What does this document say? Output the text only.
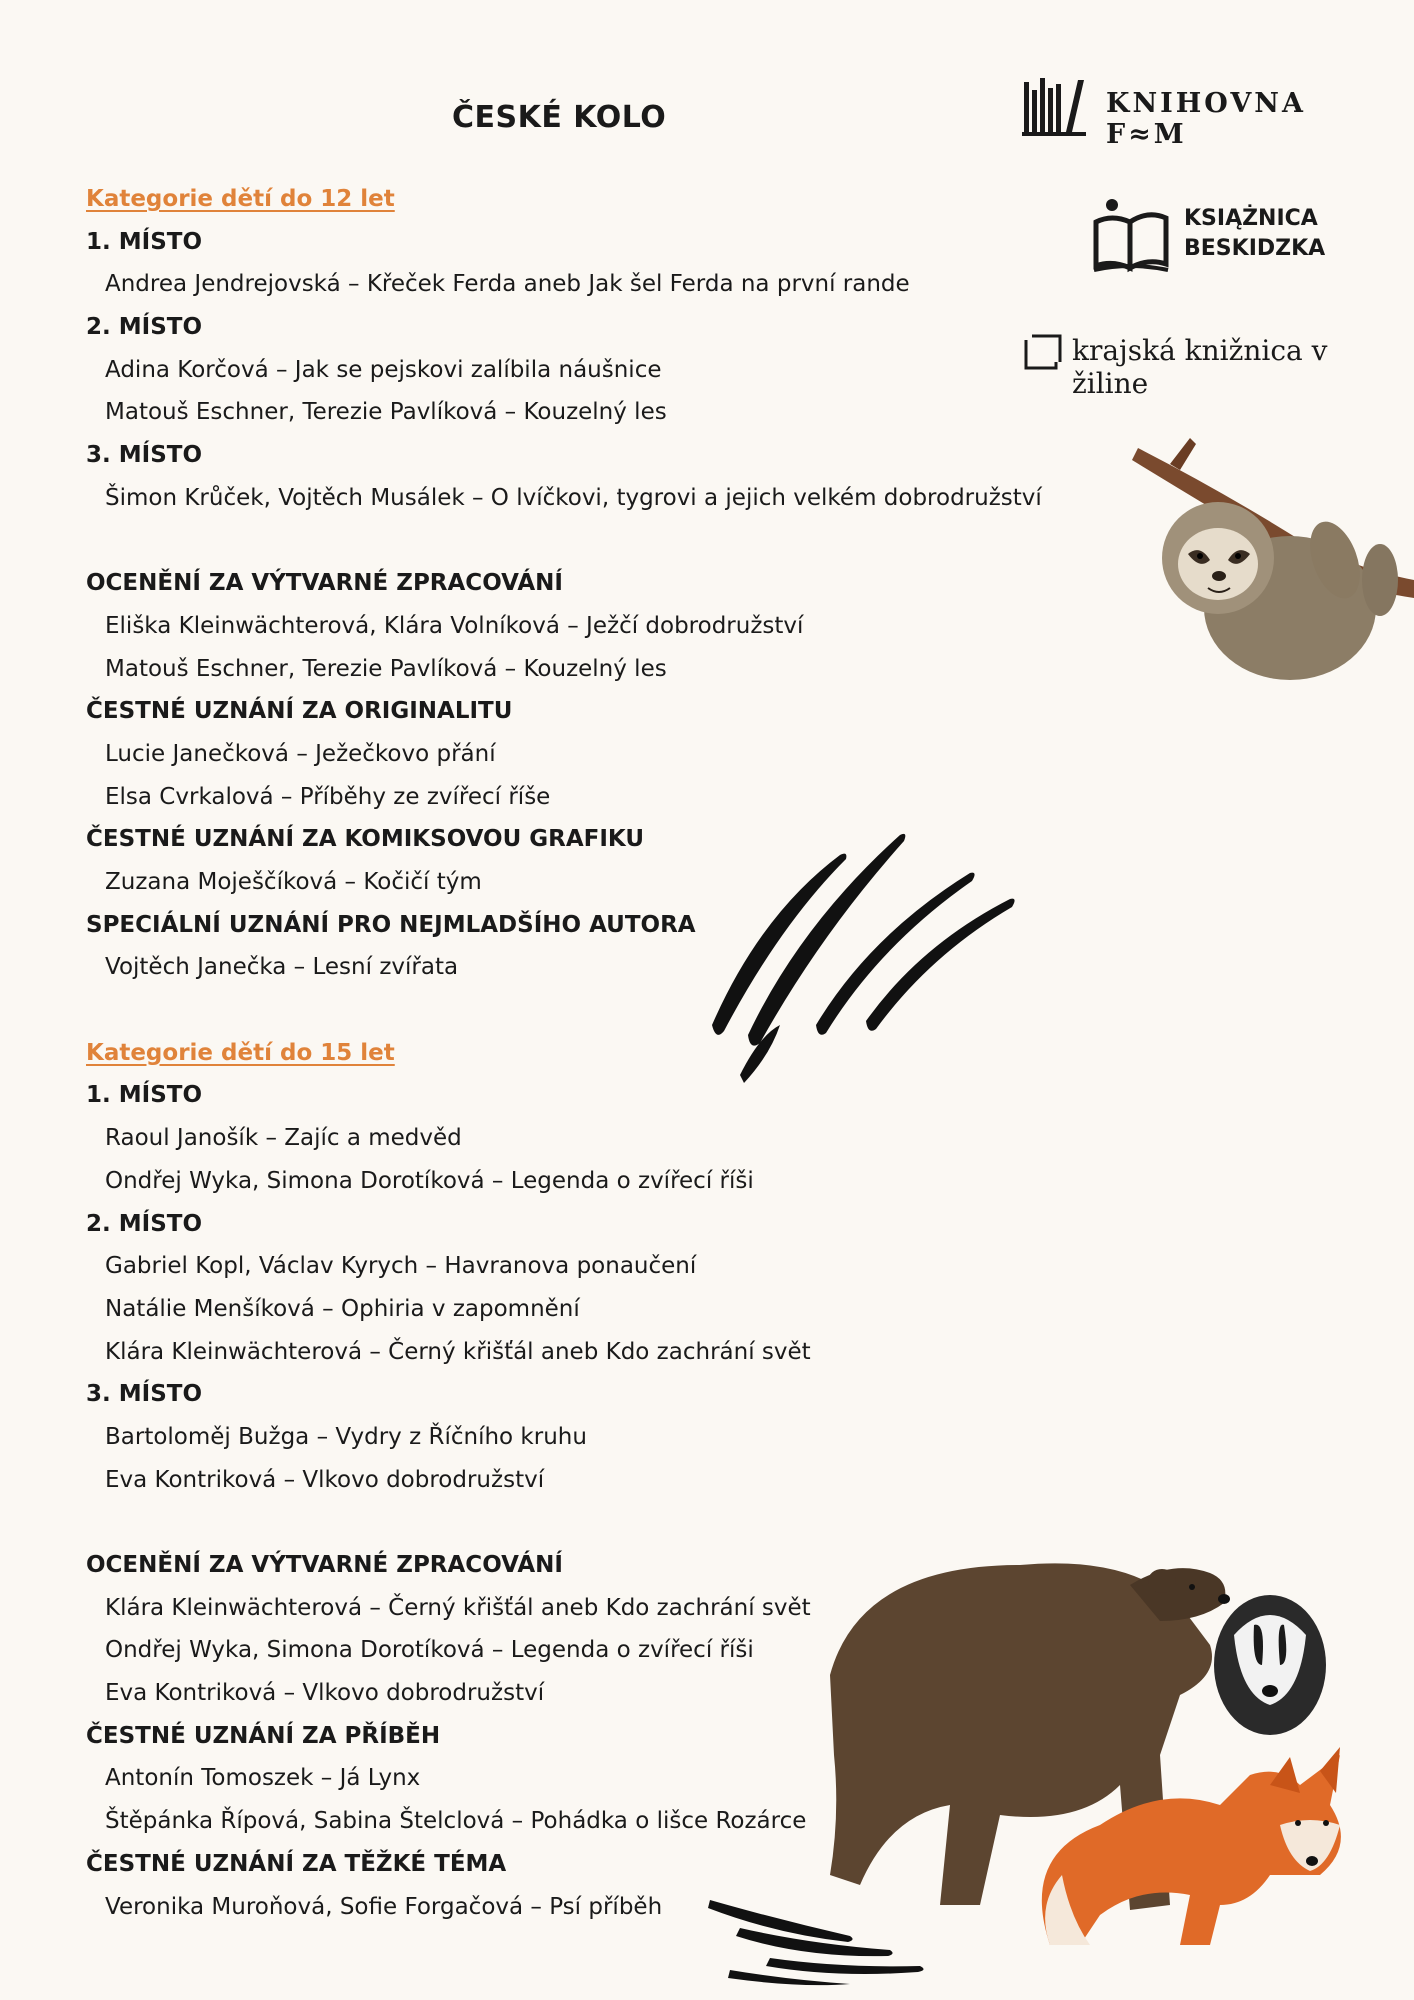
ČESKÉ KOLO	KNIHOVNA F≈M
KSIĄŻNICA
BESKIDZKA
krajská knižnica v žiline
Kategorie dětí do 12 let
1. MÍSTO
Andrea Jendrejovská – Křeček Ferda aneb Jak šel Ferda na první rande
2. MÍSTO
Adina Korčová – Jak se pejskovi zalíbila náušnice
Matouš Eschner, Terezie Pavlíková – Kouzelný les
3. MÍSTO
Šimon Krůček, Vojtěch Musálek – O lvíčkovi, tygrovi a jejich velkém dobrodružství
OCENĚNÍ ZA VÝTVARNÉ ZPRACOVÁNÍ
Eliška Kleinwächterová, Klára Volníková – Ježčí dobrodružství
Matouš Eschner, Terezie Pavlíková – Kouzelný les
ČESTNÉ UZNÁNÍ ZA ORIGINALITU
Lucie Janečková – Ježečkovo přání
Elsa Cvrkalová – Příběhy ze zvířecí říše
ČESTNÉ UZNÁNÍ ZA KOMIKSOVOU GRAFIKU
Zuzana Moješčíková – Kočičí tým
SPECIÁLNÍ UZNÁNÍ PRO NEJMLADŠÍHO AUTORA
Vojtěch Janečka – Lesní zvířata
Kategorie dětí do 15 let
1. MÍSTO
Raoul Janošík – Zajíc a medvěd
Ondřej Wyka, Simona Dorotíková – Legenda o zvířecí říši
2. MÍSTO
Gabriel Kopl, Václav Kyrych – Havranova ponaučení
Natálie Menšíková – Ophiria v zapomnění
Klára Kleinwächterová – Černý křišťál aneb Kdo zachrání svět
3. MÍSTO
Bartoloměj Bužga – Vydry z Říčního kruhu
Eva Kontriková – Vlkovo dobrodružství
OCENĚNÍ ZA VÝTVARNÉ ZPRACOVÁNÍ
Klára Kleinwächterová – Černý křišťál aneb Kdo zachrání svět
Ondřej Wyka, Simona Dorotíková – Legenda o zvířecí říši
Eva Kontriková – Vlkovo dobrodružství
ČESTNÉ UZNÁNÍ ZA PŘÍBĚH
Antonín Tomoszek – Já Lynx
Štěpánka Řípová, Sabina Štelclová – Pohádka o lišce Rozárce
ČESTNÉ UZNÁNÍ ZA TĚŽKÉ TÉMA
Veronika Muroňová, Sofie Forgačová – Psí příběh
